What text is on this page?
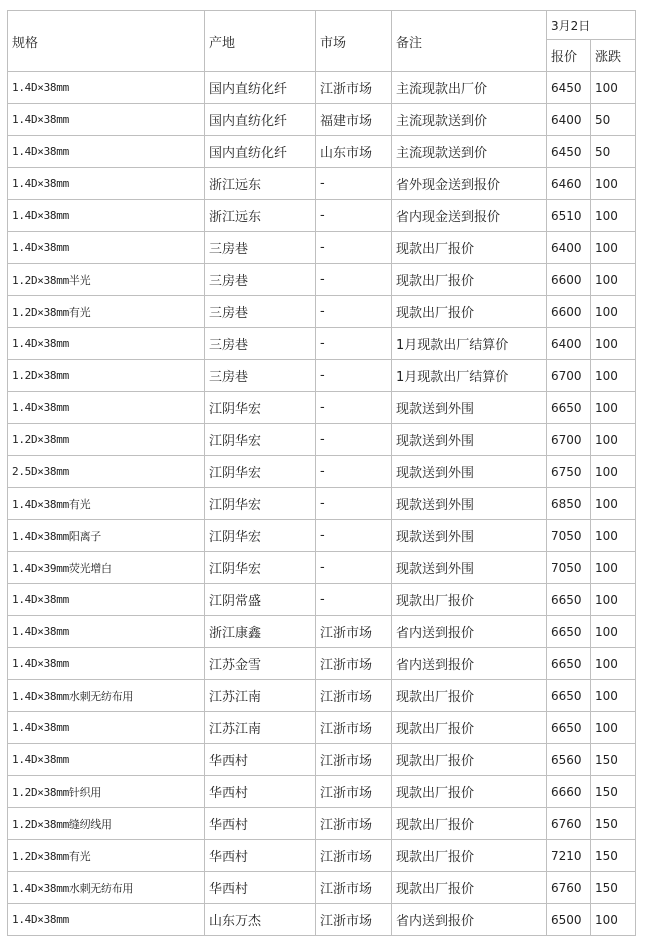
规格	产地	市场	备注	3月2日	
				报价	涨跌
1.4D×38mm	国内直纺化纤	江浙市场	主流现款出厂价	6450	100
1.4D×38mm	国内直纺化纤	福建市场	主流现款送到价	6400	50
1.4D×38mm	国内直纺化纤	山东市场	主流现款送到价	6450	50
1.4D×38mm	浙江远东	-	省外现金送到报价	6460	100
1.4D×38mm	浙江远东	-	省内现金送到报价	6510	100
1.4D×38mm	三房巷	-	现款出厂报价	6400	100
1.2D×38mm半光	三房巷	-	现款出厂报价	6600	100
1.2D×38mm有光	三房巷	-	现款出厂报价	6600	100
1.4D×38mm	三房巷	-	1月现款出厂结算价	6400	100
1.2D×38mm	三房巷	-	1月现款出厂结算价	6700	100
1.4D×38mm	江阴华宏	-	现款送到外围	6650	100
1.2D×38mm	江阴华宏	-	现款送到外围	6700	100
2.5D×38mm	江阴华宏	-	现款送到外围	6750	100
1.4D×38mm有光	江阴华宏	-	现款送到外围	6850	100
1.4D×38mm阳离子	江阴华宏	-	现款送到外围	7050	100
1.4D×39mm荧光增白	江阴华宏	-	现款送到外围	7050	100
1.4D×38mm	江阴常盛	-	现款出厂报价	6650	100
1.4D×38mm	浙江康鑫	江浙市场	省内送到报价	6650	100
1.4D×38mm	江苏金雪	江浙市场	省内送到报价	6650	100
1.4D×38mm水刺无纺布用	江苏江南	江浙市场	现款出厂报价	6650	100
1.4D×38mm	江苏江南	江浙市场	现款出厂报价	6650	100
1.4D×38mm	华西村	江浙市场	现款出厂报价	6560	150
1.2D×38mm针织用	华西村	江浙市场	现款出厂报价	6660	150
1.2D×38mm缝纫线用	华西村	江浙市场	现款出厂报价	6760	150
1.2D×38mm有光	华西村	江浙市场	现款出厂报价	7210	150
1.4D×38mm水刺无纺布用	华西村	江浙市场	现款出厂报价	6760	150
1.4D×38mm	山东万杰	江浙市场	省内送到报价	6500	100
